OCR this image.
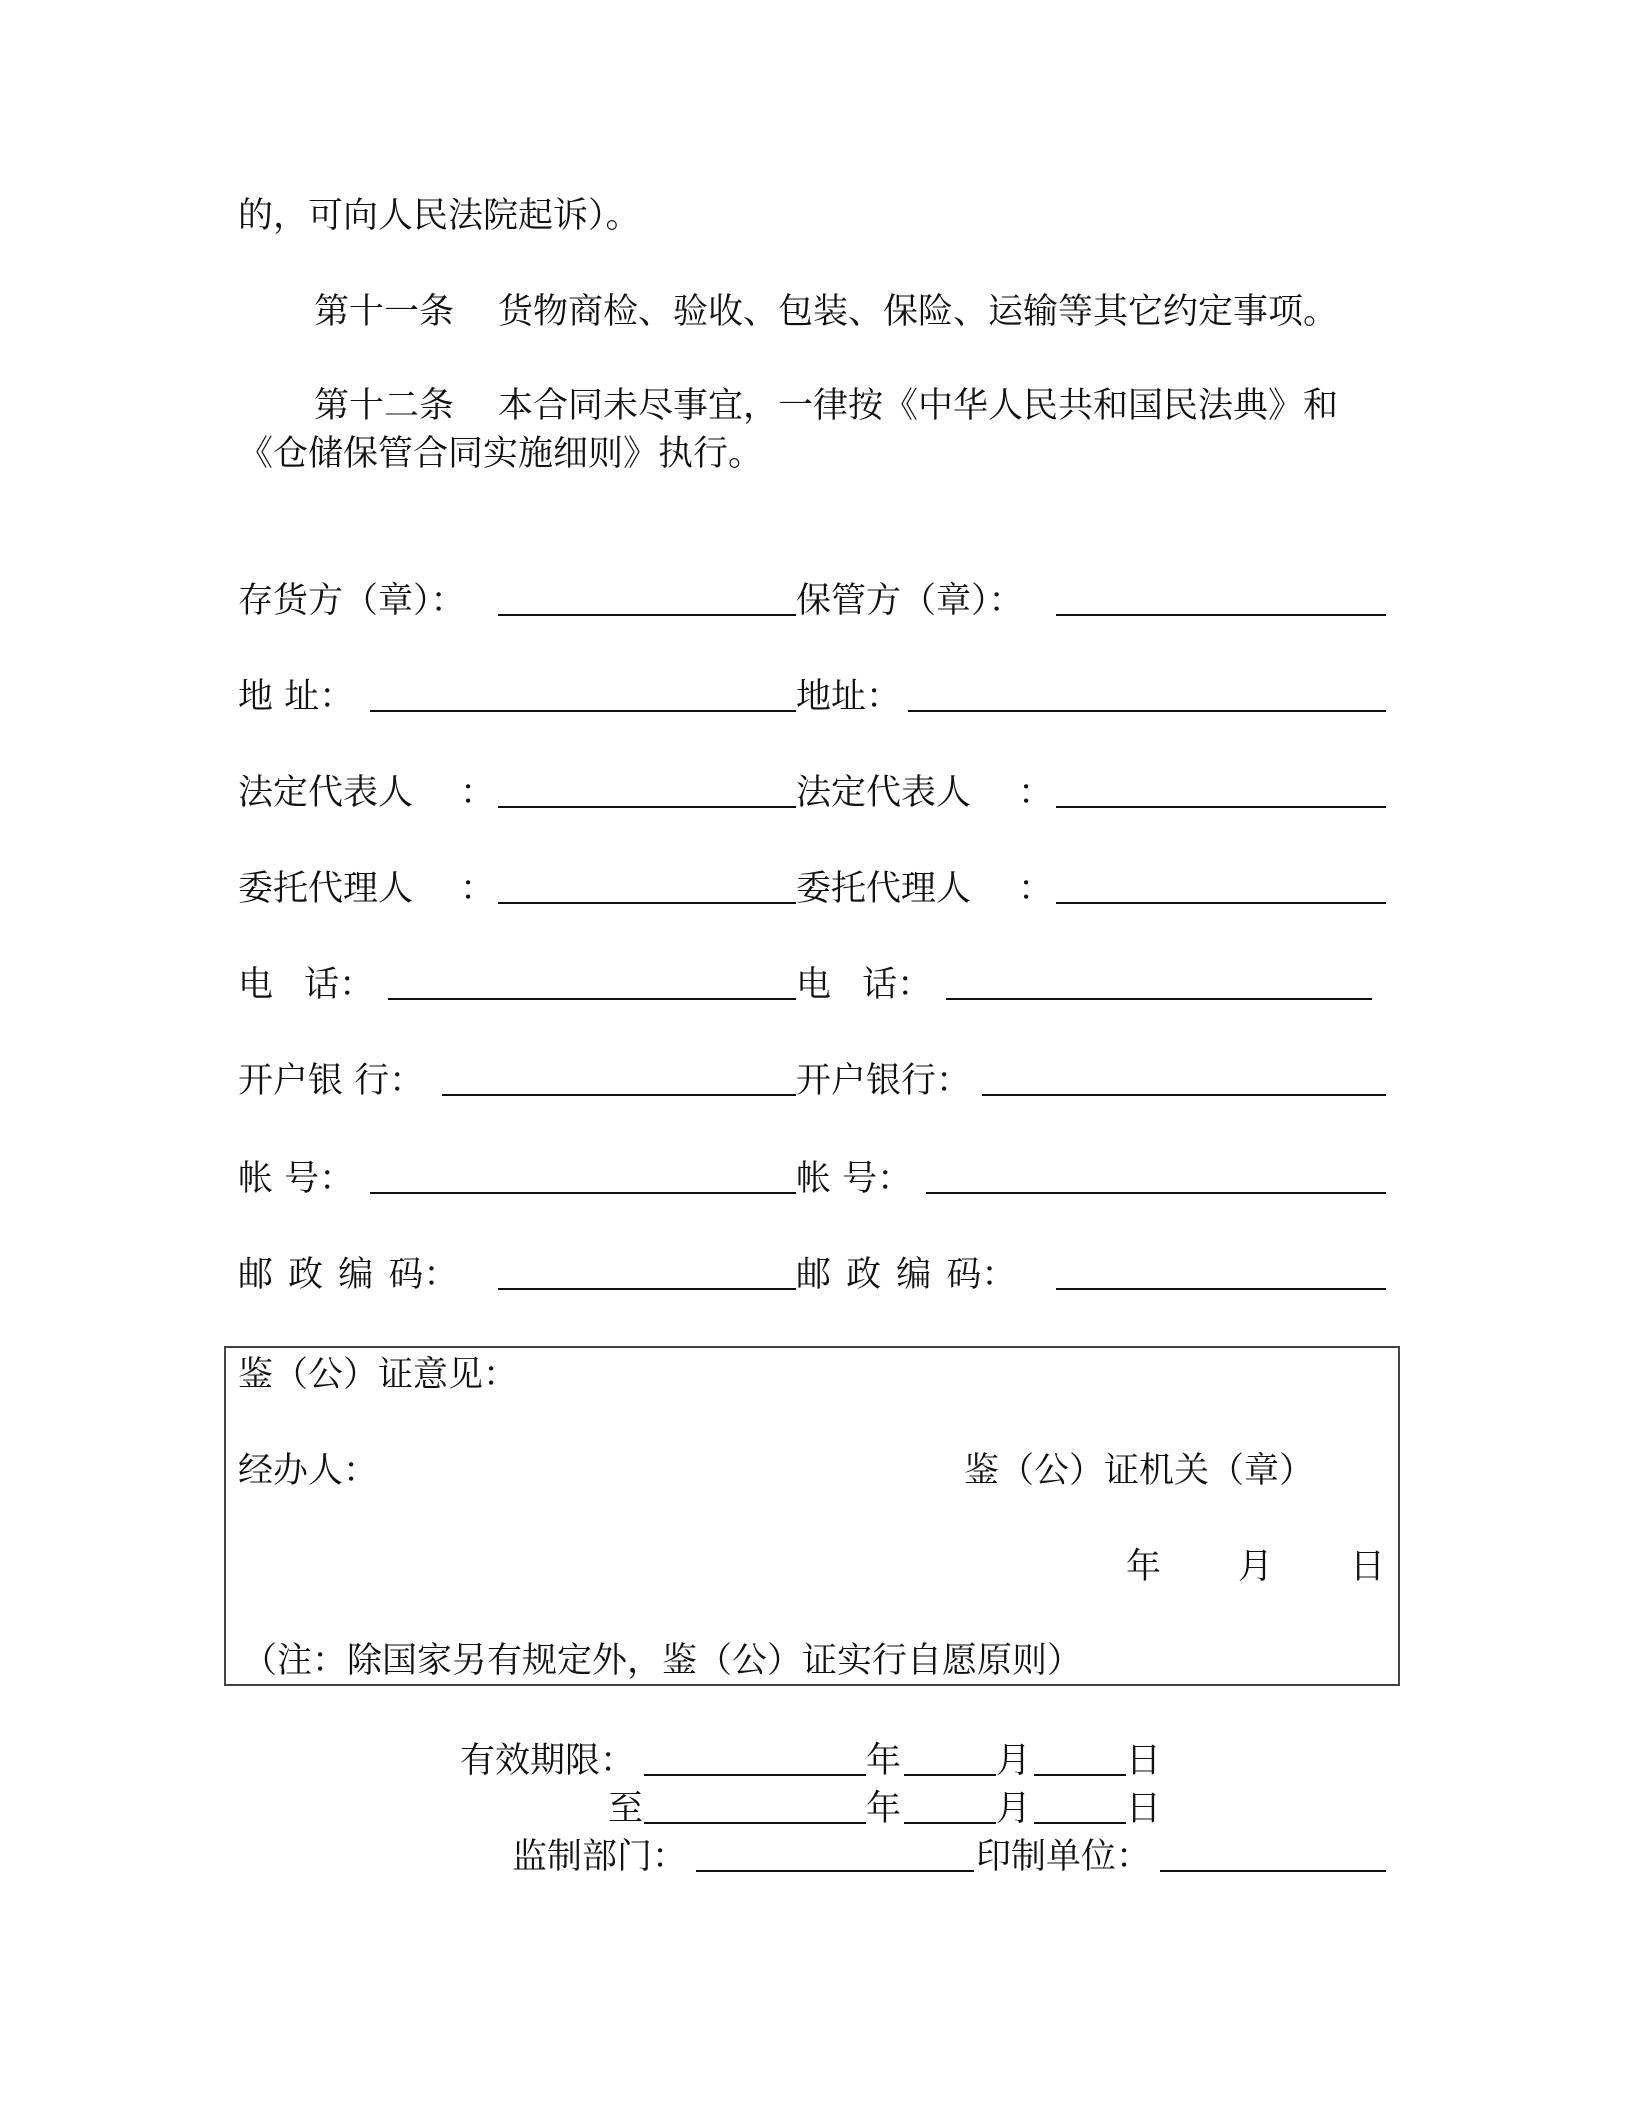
的，可向人民法院起诉）。
第十一条 货物商检、验收、包装、保险、运输等其它约定事项。
第十二条 本合同未尽事宜，一律按《中华人民共和国民法典》和
《仓储保管合同实施细则》执行。
存货方（章）：	保管方（章）：
地 址：	地址：
法定代表人 ：	法定代表人 ：
委托代理人 ：	委托代理人 ：
电 话：	电 话：
开户银 行：	开户银行：
帐 号：	帐 号：
邮 政 编 码：	邮 政 编 码：
鉴（公）证意见：
经办人：	鉴（公）证机关（章）
年 月 日
（注：除国家另有规定外，鉴（公）证实行自愿原则）
有效期限：	年	月	日
至	年	月	日
监制部门：	印制单位：
